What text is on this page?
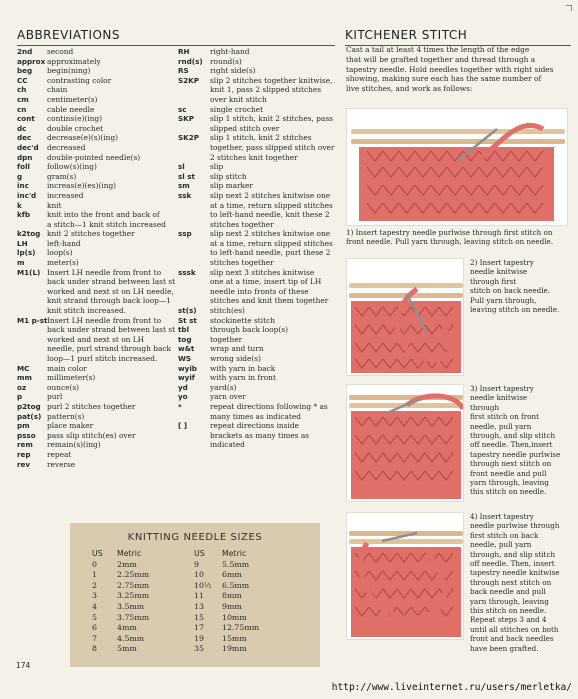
ABBREVIATIONS	KITCHENER STITCH
2nd second
approx approximately
beg begin(ning)
CC	contrasting color
ch	chain
cm centimeter(s)
cn	cable needle
cont contins(e)(ing)
dc	double crochet
dec decrease(e)(s)(ing)
dec'd decreased
dpn double-pointed needle(s)
foll follow(s)(ing)
g	gram(s)
inc increas(e)(es)(ing)
inc'd increased
k	knit
kfb knit into the front and back of
a stitch—1 knit stitch increased
k2tog knit 2 stitches together
LH	left-hand
lp(s) loop(s)
m	meter(s)
M1(L) Insert LH needle from front to
back under strand between last st
worked and next st on LH needle,
knit strand through back loop—1
knit stitch increased.
M1 p-st Insert LH needle from front to
back under strand between last st
worked and next st on LH
needle, purl strand through back
loop—1 purl stitch increased.
MC main color
mm millimeter(s)
oz	ounce(s)
p	purl
p2tog purl 2 stitches together
pat(s) pattern(s)
pm place maker
psso pass slip stitch(es) over
rem remain(s)(ing)
rep repeat
rev reverse
RH	right-hand
rnd(s) round(s)
RS	right side(s)
S2KP slip 2 stitches together knitwise,
knit 1, pass 2 slipped stitches
over knit stitch
sc	single crochet
SKP slip 1 stitch, knit 2 stitches, pass
slipped stitch over
SK2P slip 1 stitch, knit 2 stitches
together, pass slipped stitch over
2 stitches knit together
sl	slip
sl st slip stitch
sm	slip marker
ssk	slip next 2 stitches knitwise one
at a time, return slipped stitches
to left-hand needle, knit these 2
stitches together
ssp slip next 2 stitches knitwise one
at a time, return slipped stitches
to left-hand needle, purl these 2
stitches together
sssk slip next 3 stitches knitwise
one at a time, insert tip of LH
needle into fronts of these
stitches and knit them together
st(s) stitch(es)
St st stockinette stitch
tbl	through back loop(s)
tog together
w&t wrap and turn
WS	wrong side(s)
wyib with yarn in back
wyif with yarn in front
yd	yard(s)
yo	yarn over
*	repeat directions following * as
many times as indicated
[ ]	repeat directions inside
brackets as many times as
indicated
KNITTING NEEDLE SIZES
US Metric	US Metric
0	2mm	9	5.5mm
1	2.25mm	10 6mm
2	2.75mm	10½ 6.5mm
3	3.25mm	11 8mm
4	3.5mm	13 9mm
5	3.75mm	15 10mm
6	4mm	17 12.75mm
7	4.5mm	19 15mm
8	5mm	35 19mm
174
Cast a tail at least 4 times the length of the edge
that will be grafted together and thread through a
tapestry needle. Hold needles together with right sides
showing, making sure each has the same number of
live stitches, and work as follows:
1) Insert tapestry needle purlwise through first stitch on
front needle. Pull yarn through, leaving stitch on needle.
2) Insert tapestry
needle knitwise
through first
stitch on back needle.
Pull yarn through,
leaving stitch on needle.
3) Insert tapestry
needle knitwise
through
first stitch on front
needle, pull yarn
through, and slip stitch
off needle. Then,insert
tapestry needle purlwise
through next stitch on
front needle and pull
yarn through, leaving
this stitch on needle.
4) Insert tapestry
needle purlwise through
first stitch on back
needle, pull yarn
through, and slip stitch
off needle. Then, insert
tapestry needle knitwise
through next stitch on
back needle and pull
yarn through, leaving
this stitch on needle.
Repeat steps 3 and 4
until all stitches on both
front and back needles
have been grafted.
http://www.liveinternet.ru/users/merletka/
